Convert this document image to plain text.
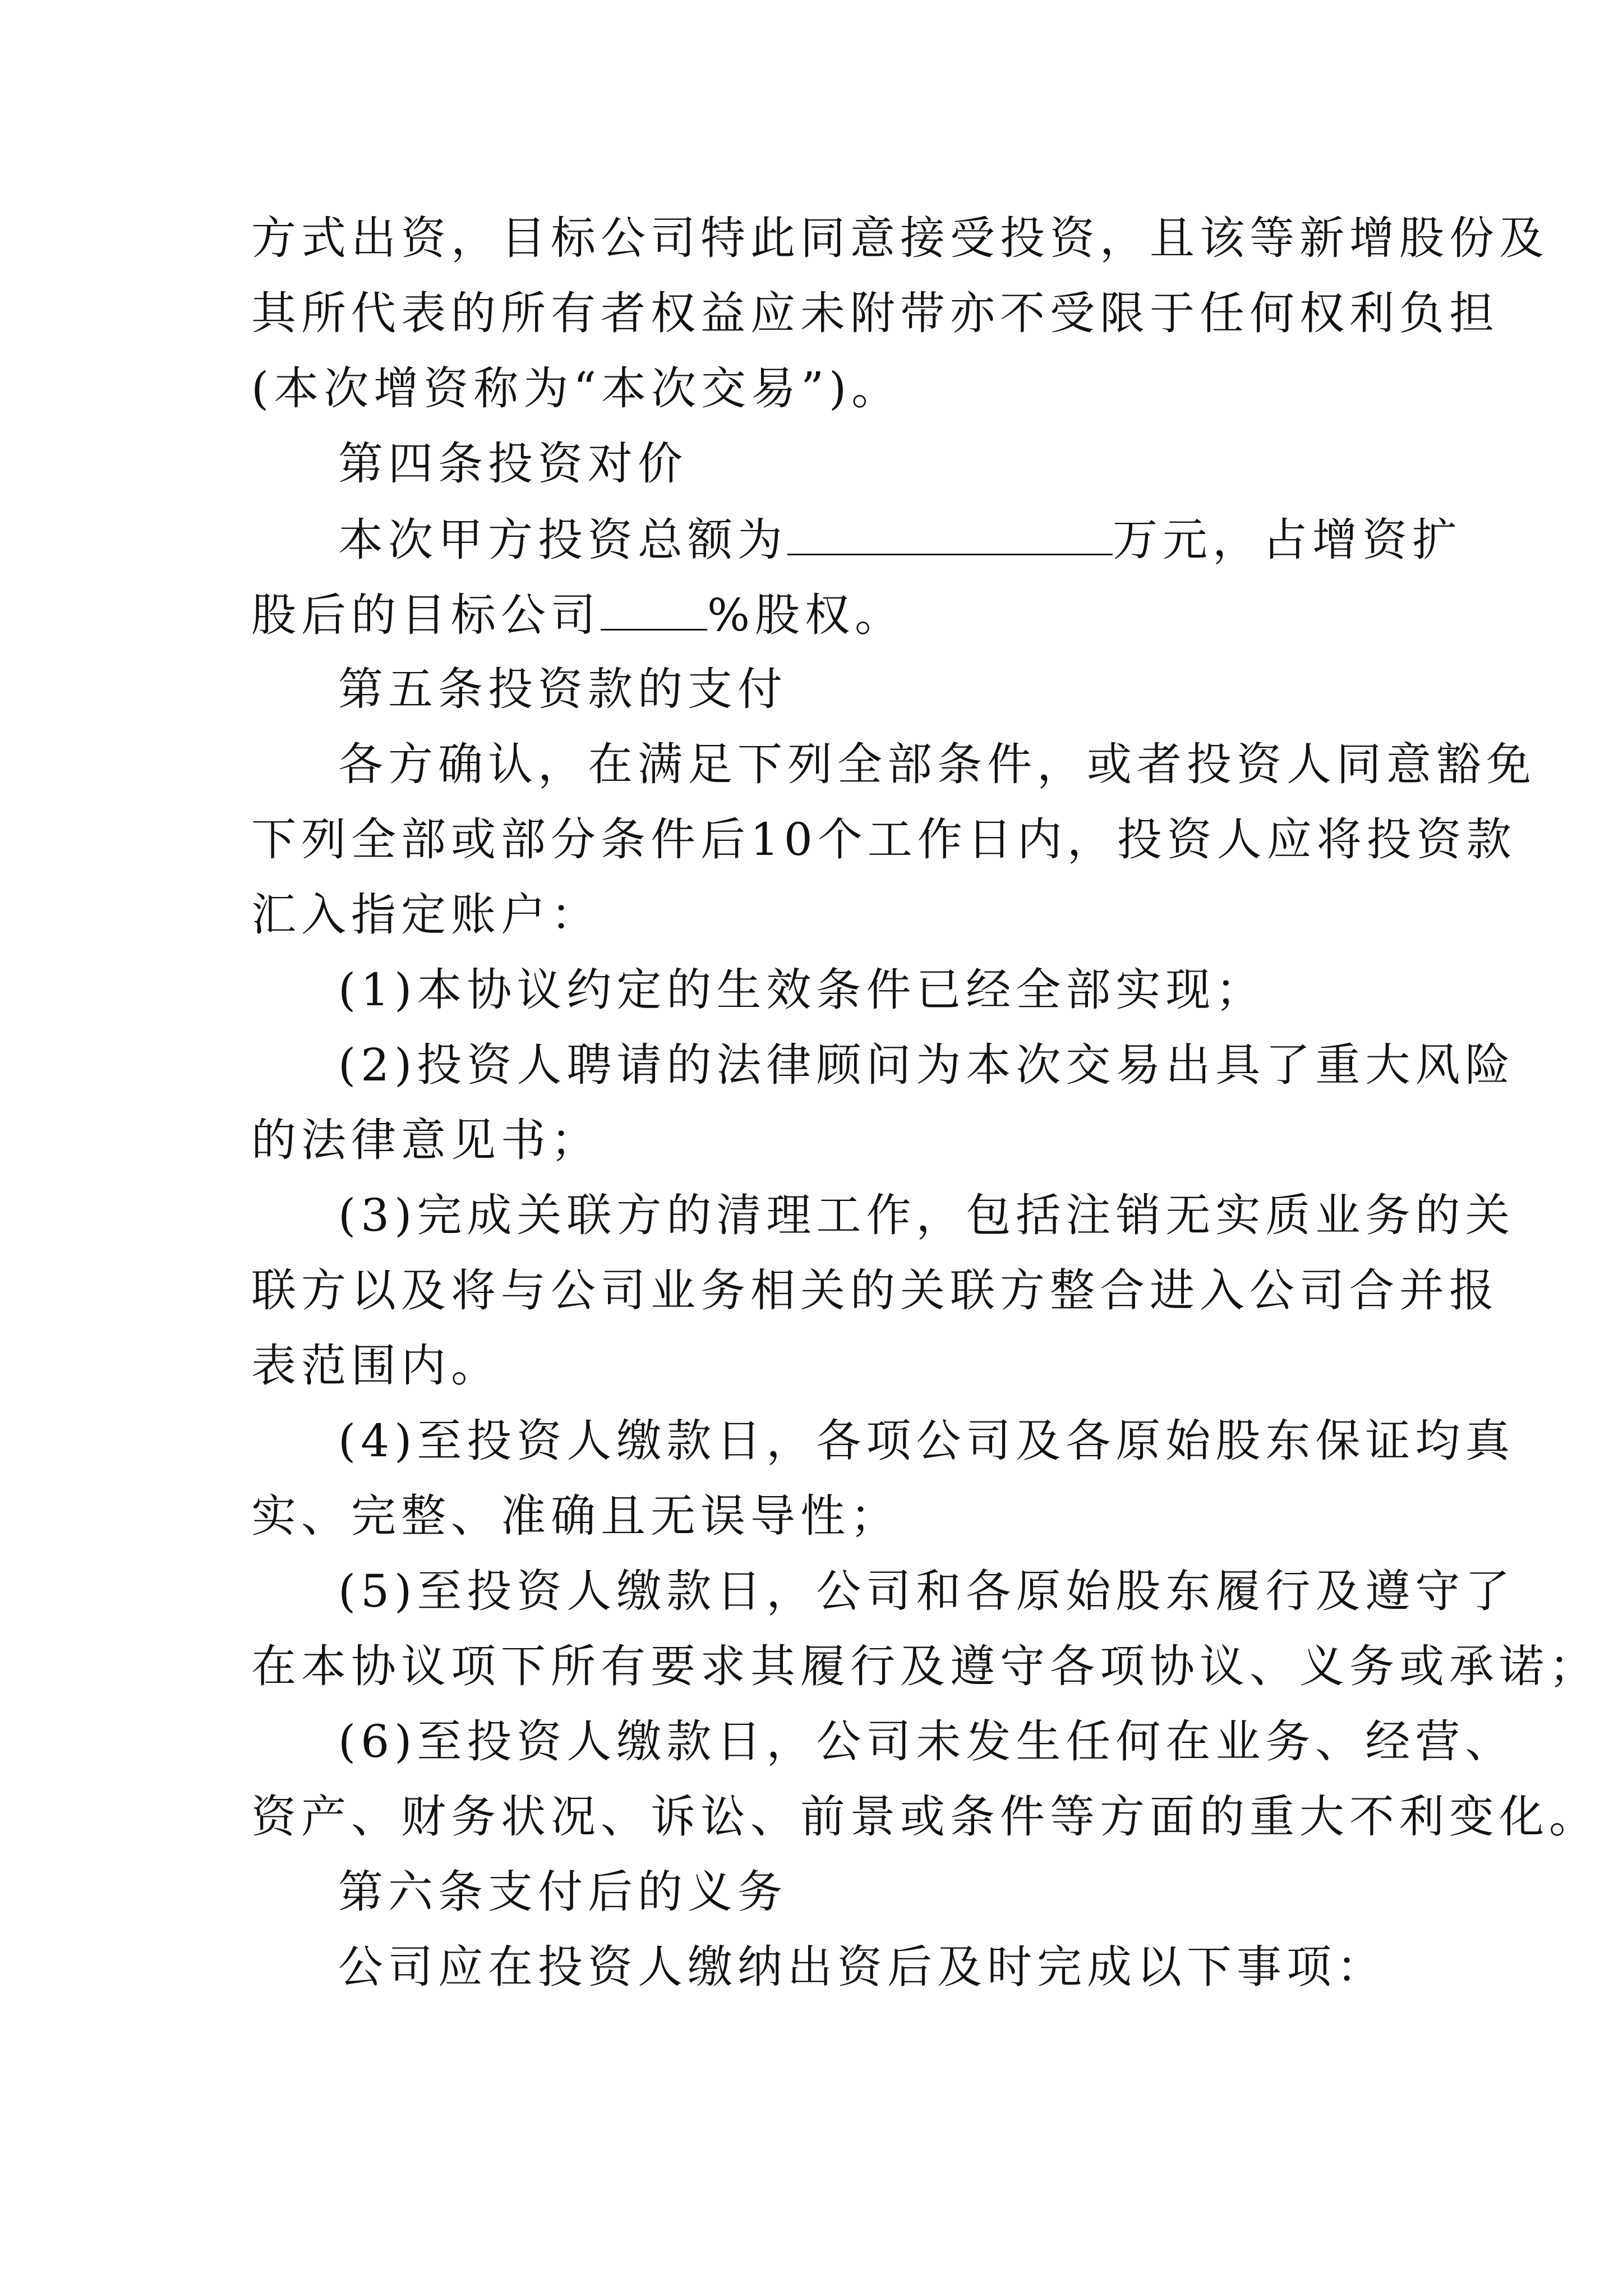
方式出资，目标公司特此同意接受投资，且该等新增股份及
其所代表的所有者权益应未附带亦不受限于任何权利负担
(本次增资称为“本次交易”)。
第四条投资对价
本次甲方投资总额为	万元，占增资扩
股后的目标公司 %股权。
第五条投资款的支付
各方确认，在满足下列全部条件，或者投资人同意豁免
下列全部或部分条件后10个工作日内，投资人应将投资款
汇入指定账户：
(1)本协议约定的生效条件已经全部实现；
(2)投资人聘请的法律顾问为本次交易出具了重大风险
的法律意见书；
(3)完成关联方的清理工作，包括注销无实质业务的关
联方以及将与公司业务相关的关联方整合进入公司合并报
表范围内。
(4)至投资人缴款日，各项公司及各原始股东保证均真
实、完整、准确且无误导性；
(5)至投资人缴款日，公司和各原始股东履行及遵守了
在本协议项下所有要求其履行及遵守各项协议、义务或承诺；
(6)至投资人缴款日，公司未发生任何在业务、经营、
资产、财务状况、诉讼、前景或条件等方面的重大不利变化。
第六条支付后的义务
公司应在投资人缴纳出资后及时完成以下事项：
